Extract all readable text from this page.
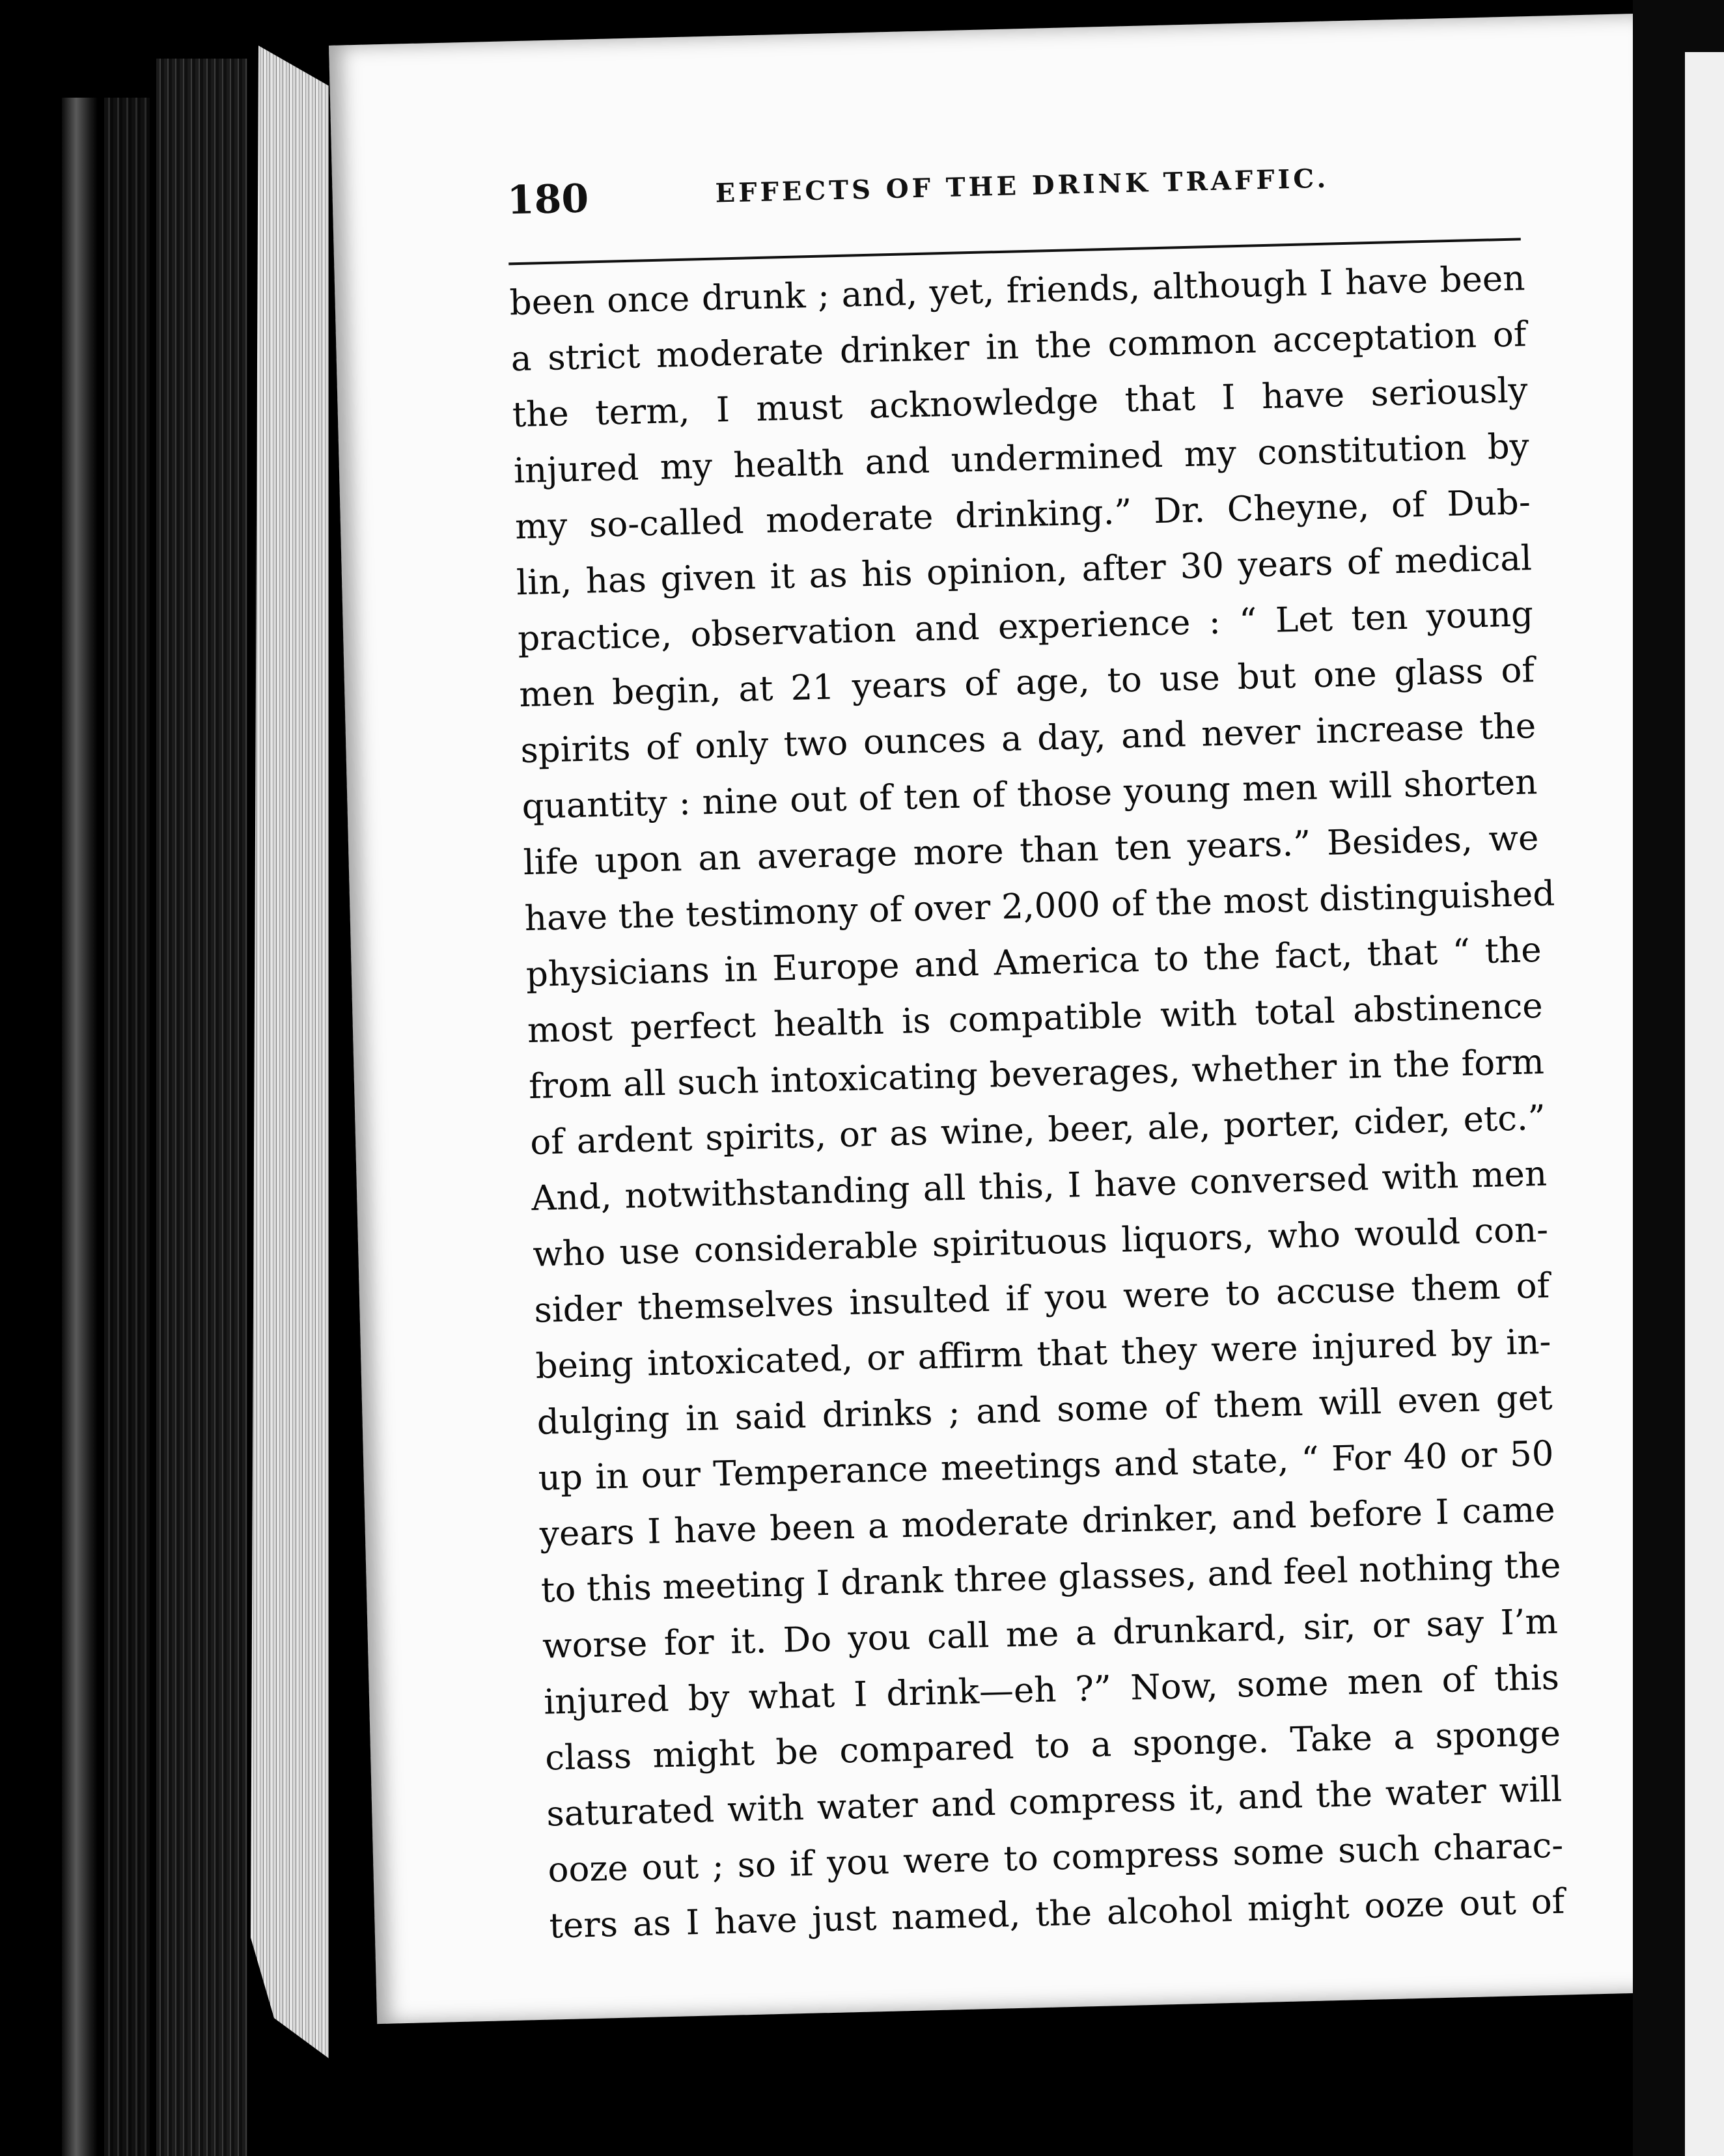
180	EFFECTS OF THE DRINK TRAFFIC.
been once drunk ; and, yet, friends, although I have been
a strict moderate drinker in the common acceptation of
the term, I must acknowledge that I have seriously
injured my health and undermined my constitution by
my so-called moderate drinking.” Dr. Cheyne, of Dub-
lin, has given it as his opinion, after 30 years of medical
practice, observation and experience : “ Let ten young
men begin, at 21 years of age, to use but one glass of
spirits of only two ounces a day, and never increase the
quantity : nine out of ten of those young men will shorten
life upon an average more than ten years.” Besides, we
have the testimony of over 2,000 of the most distinguished
physicians in Europe and America to the fact, that “ the
most perfect health is compatible with total abstinence
from all such intoxicating beverages, whether in the form
of ardent spirits, or as wine, beer, ale, porter, cider, etc.”
And, notwithstanding all this, I have conversed with men
who use considerable spirituous liquors, who would con-
sider themselves insulted if you were to accuse them of
being intoxicated, or affirm that they were injured by in-
dulging in said drinks ; and some of them will even get
up in our Temperance meetings and state, “ For 40 or 50
years I have been a moderate drinker, and before I came
to this meeting I drank three glasses, and feel nothing the
worse for it. Do you call me a drunkard, sir, or say I’m
injured by what I drink—eh ?” Now, some men of this
class might be compared to a sponge. Take a sponge
saturated with water and compress it, and the water will
ooze out ; so if you were to compress some such charac-
ters as I have just named, the alcohol might ooze out of
